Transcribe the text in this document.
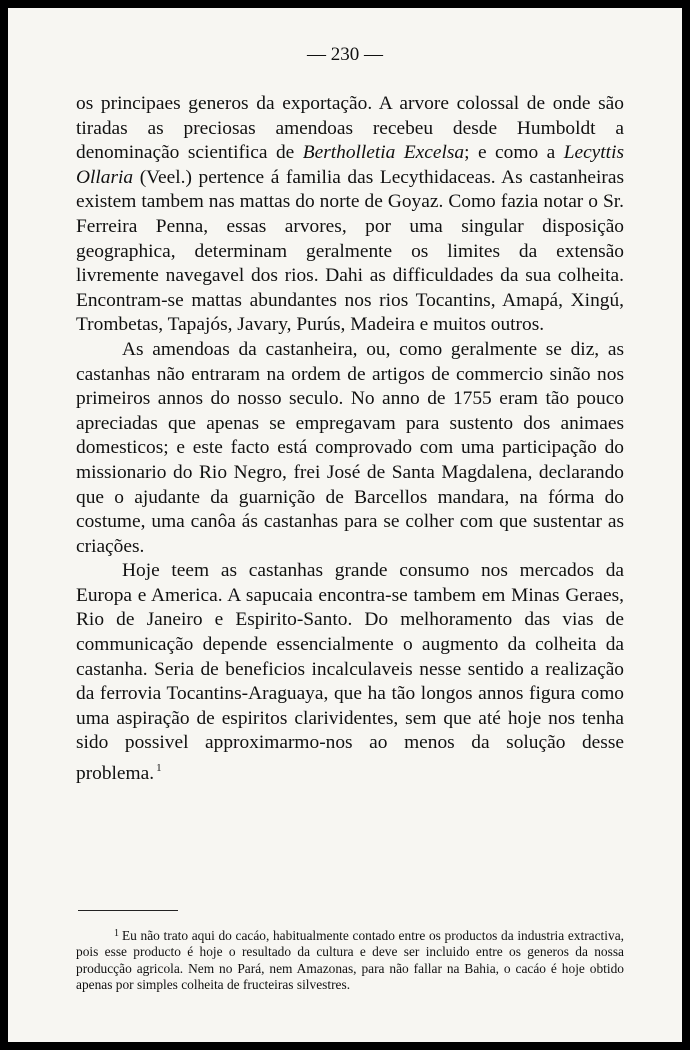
— 230 —

os principaes generos da exportação. A arvore colossal de onde são tiradas as preciosas amendoas recebeu desde Humboldt a denominação scientifica de Bertholletia Excelsa; e como a Lecyttis Ollaria (Veel.) pertence á familia das Lecythidaceas. As castanheiras existem tambem nas mattas do norte de Goyaz. Como fazia notar o Sr. Ferreira Penna, essas arvores, por uma singular disposição geographica, determinam geralmente os limites da extensão livremente navegavel dos rios. Dahi as difficuldades da sua colheita. Encontram-se mattas abundantes nos rios Tocantins, Amapá, Xingú, Trombetas, Tapajós, Javary, Purús, Madeira e muitos outros.

As amendoas da castanheira, ou, como geralmente se diz, as castanhas não entraram na ordem de artigos de commercio sinão nos primeiros annos do nosso seculo. No anno de 1755 eram tão pouco apreciadas que apenas se empregavam para sustento dos animaes domesticos; e este facto está comprovado com uma participação do missionario do Rio Negro, frei José de Santa Magdalena, declarando que o ajudante da guarnição de Barcellos mandara, na fórma do costume, uma canôa ás castanhas para se colher com que sustentar as criações.

Hoje teem as castanhas grande consumo nos mercados da Europa e America. A sapucaia encontra-se tambem em Minas Geraes, Rio de Janeiro e Espirito-Santo. Do melhoramento das vias de communicação depende essencialmente o augmento da colheita da castanha. Seria de beneficios incalculaveis nesse sentido a realização da ferrovia Tocantins-Araguaya, que ha tão longos annos figura como uma aspiração de espiritos clarividentes, sem que até hoje nos tenha sido possivel approximarmo-nos ao menos da solução desse problema. $^1$

$^1$ Eu não trato aqui do cacáo, habitualmente contado entre os productos da industria extractiva, pois esse producto é hoje o resultado da cultura e deve ser incluido entre os generos da nossa producção agricola. Nem no Pará, nem Amazonas, para não fallar na Bahia, o cacáo é hoje obtido apenas por simples colheita de fructeiras silvestres.
